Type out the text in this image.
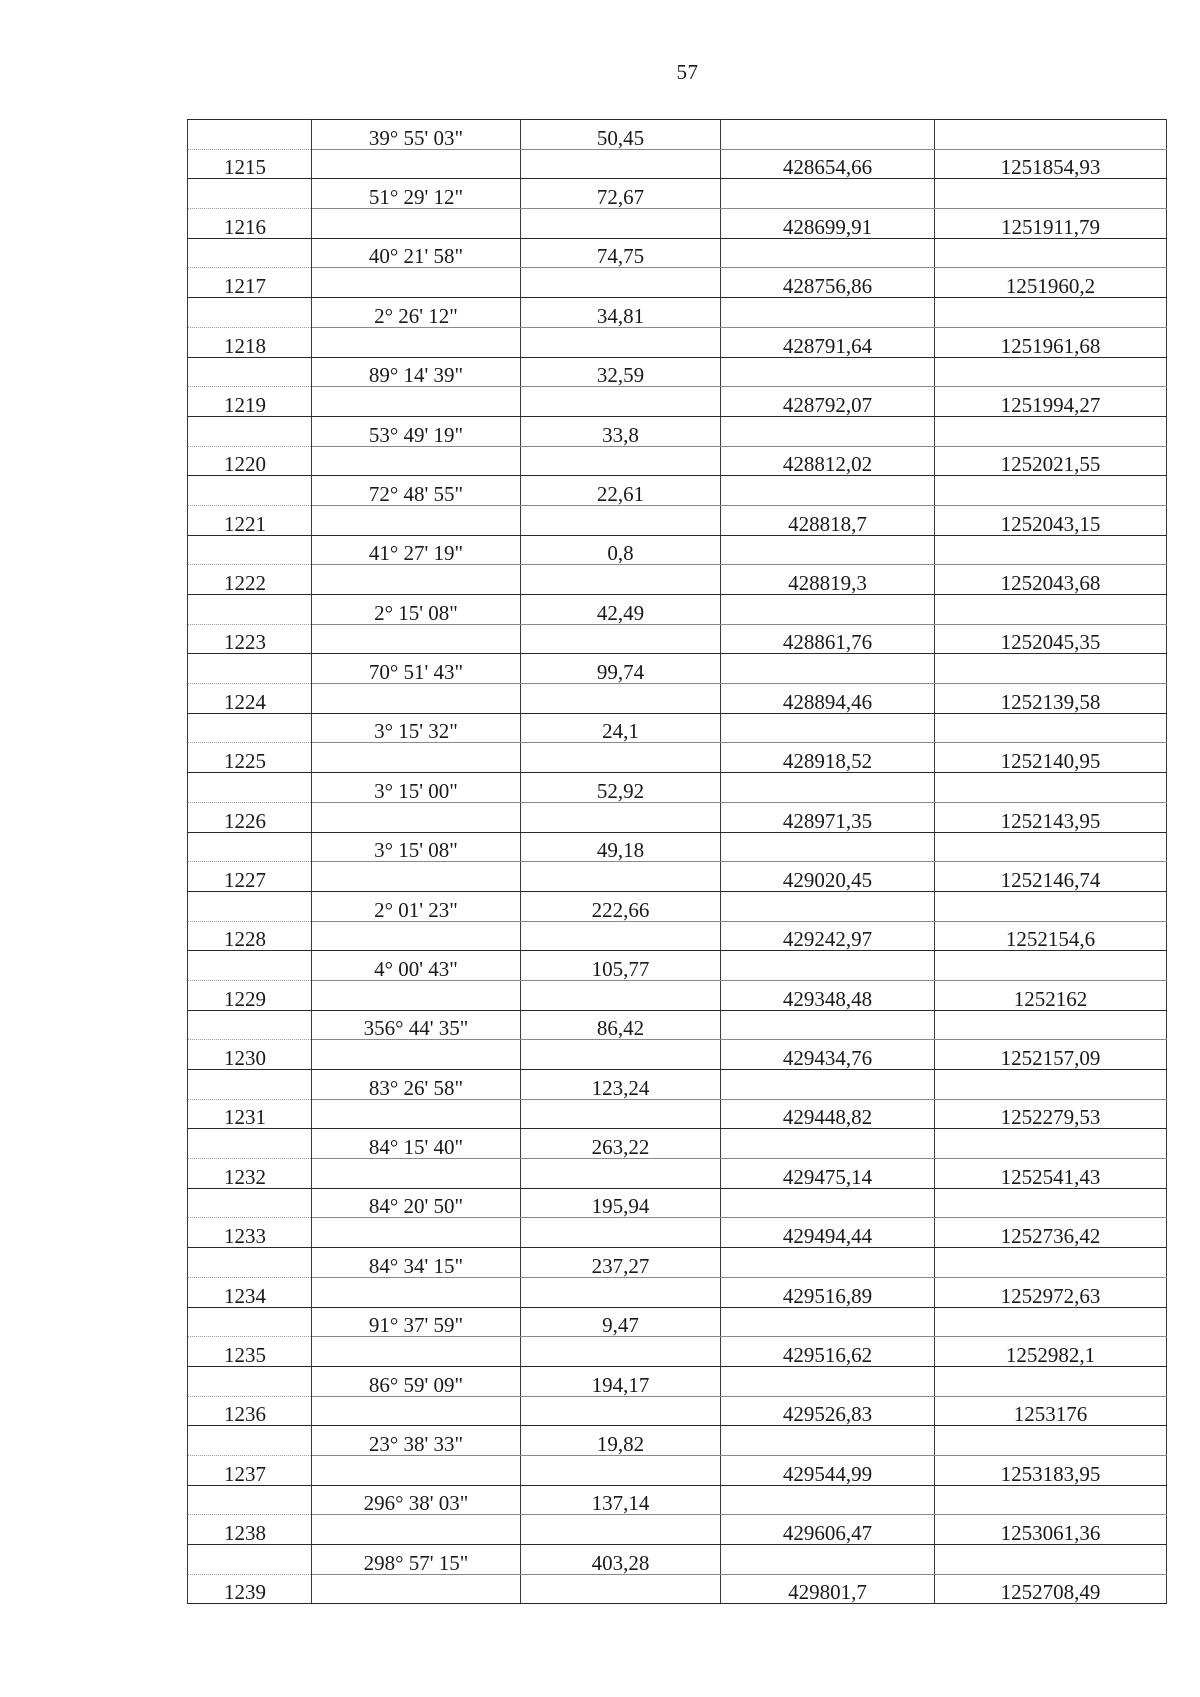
57
	39° 55' 03"	50,45		
1215			428654,66	1251854,93
	51° 29' 12"	72,67		
1216			428699,91	1251911,79
	40° 21' 58"	74,75		
1217			428756,86	1251960,2
	2° 26' 12"	34,81		
1218			428791,64	1251961,68
	89° 14' 39"	32,59		
1219			428792,07	1251994,27
	53° 49' 19"	33,8		
1220			428812,02	1252021,55
	72° 48' 55"	22,61		
1221			428818,7	1252043,15
	41° 27' 19"	0,8		
1222			428819,3	1252043,68
	2° 15' 08"	42,49		
1223			428861,76	1252045,35
	70° 51' 43"	99,74		
1224			428894,46	1252139,58
	3° 15' 32"	24,1		
1225			428918,52	1252140,95
	3° 15' 00"	52,92		
1226			428971,35	1252143,95
	3° 15' 08"	49,18		
1227			429020,45	1252146,74
	2° 01' 23"	222,66		
1228			429242,97	1252154,6
	4° 00' 43"	105,77		
1229			429348,48	1252162
	356° 44' 35"	86,42		
1230			429434,76	1252157,09
	83° 26' 58"	123,24		
1231			429448,82	1252279,53
	84° 15' 40"	263,22		
1232			429475,14	1252541,43
	84° 20' 50"	195,94		
1233			429494,44	1252736,42
	84° 34' 15"	237,27		
1234			429516,89	1252972,63
	91° 37' 59"	9,47		
1235			429516,62	1252982,1
	86° 59' 09"	194,17		
1236			429526,83	1253176
	23° 38' 33"	19,82		
1237			429544,99	1253183,95
	296° 38' 03"	137,14		
1238			429606,47	1253061,36
	298° 57' 15"	403,28		
1239			429801,7	1252708,49
